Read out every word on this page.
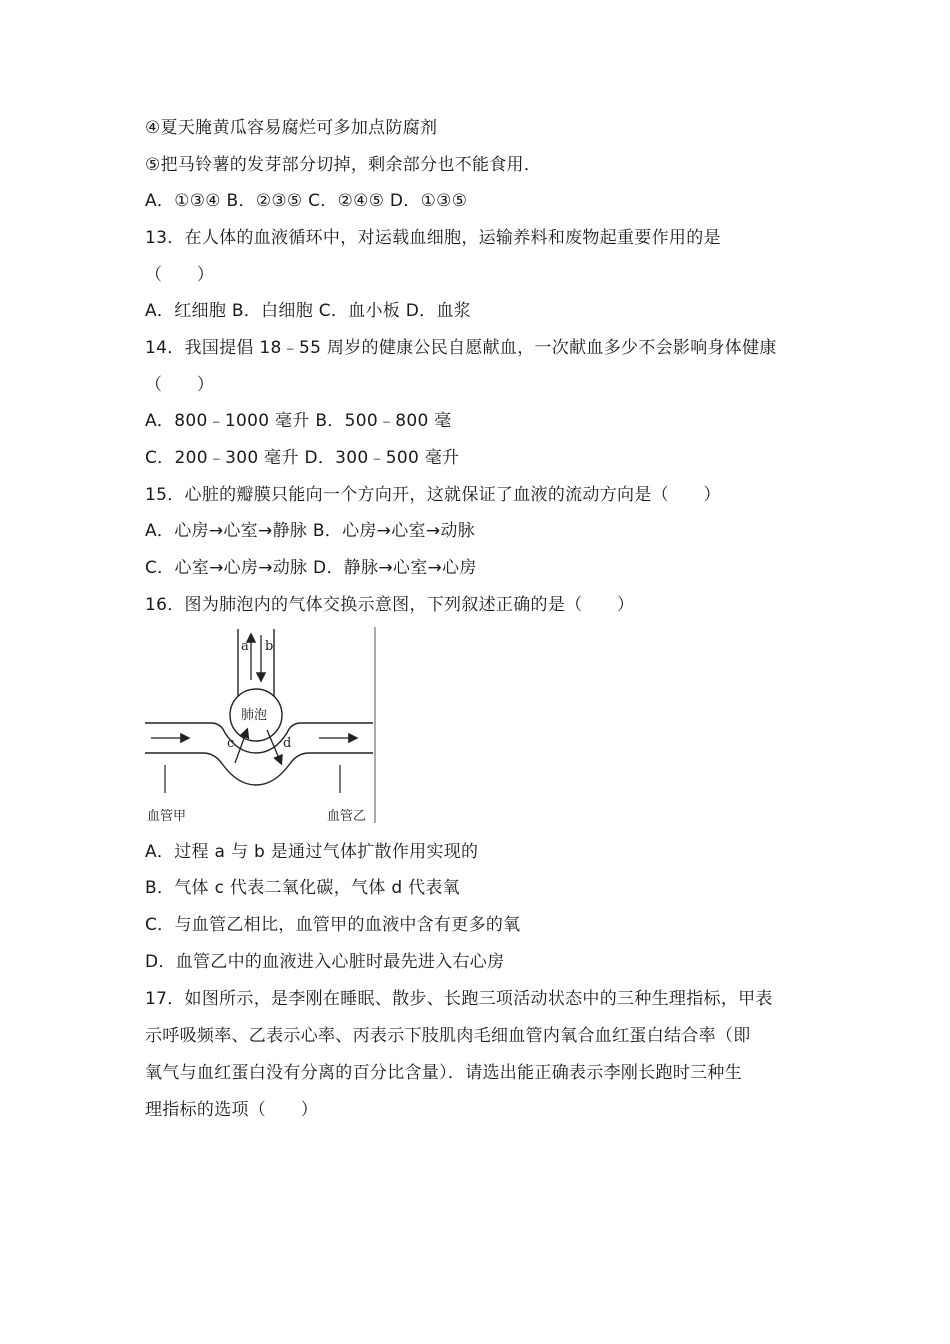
④夏天腌黄瓜容易腐烂可多加点防腐剂
⑤把马铃薯的发芽部分切掉，剩余部分也不能食用．
A．①③④ B．②③⑤ C．②④⑤ D．①③⑤
13．在人体的血液循环中，对运载血细胞，运输养料和废物起重要作用的是
（　　）
A．红细胞 B．白细胞 C．血小板 D．血浆
14．我国提倡 18﹣55 周岁的健康公民自愿献血，一次献血多少不会影响身体健康
（　　）
A．800﹣1000 毫升 B．500﹣800 毫
C．200﹣300 毫升 D．300﹣500 毫升
15．心脏的瓣膜只能向一个方向开，这就保证了血液的流动方向是（　　）
A．心房→心室→静脉 B．心房→心室→动脉
C．心室→心房→动脉 D．静脉→心室→心房
16．图为肺泡内的气体交换示意图，下列叙述正确的是（　　）
a b
肺泡
c	d
血管甲	血管乙
A．过程 a 与 b 是通过气体扩散作用实现的
B．气体 c 代表二氧化碳，气体 d 代表氧
C．与血管乙相比，血管甲的血液中含有更多的氧
D．血管乙中的血液进入心脏时最先进入右心房
17．如图所示，是李刚在睡眠、散步、长跑三项活动状态中的三种生理指标，甲表
示呼吸频率、乙表示心率、丙表示下肢肌肉毛细血管内氧合血红蛋白结合率（即
氧气与血红蛋白没有分离的百分比含量）．请选出能正确表示李刚长跑时三种生
理指标的选项（　　）
